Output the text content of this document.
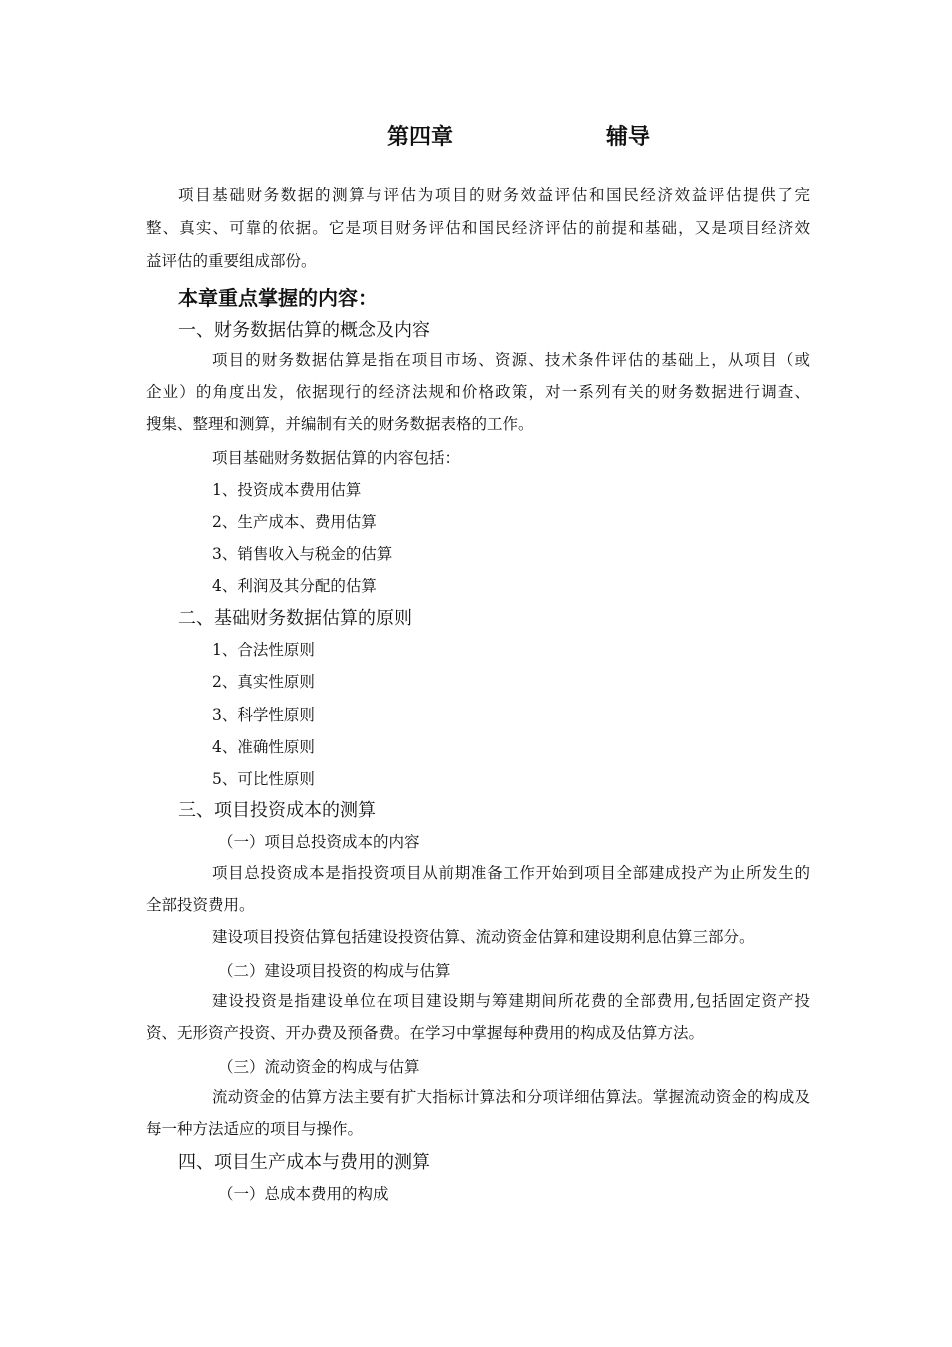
第四章	辅导
项目基础财务数据的测算与评估为项目的财务效益评估和国民经济效益评估提供了完
整、真实、可靠的依据。它是项目财务评估和国民经济评估的前提和基础，又是项目经济效
益评估的重要组成部份。
本章重点掌握的内容：
一、财务数据估算的概念及内容
项目的财务数据估算是指在项目市场、资源、技术条件评估的基础上，从项目（或
企业）的角度出发，依据现行的经济法规和价格政策，对一系列有关的财务数据进行调查、
搜集、整理和测算，并编制有关的财务数据表格的工作。
项目基础财务数据估算的内容包括：
1、投资成本费用估算
2、生产成本、费用估算
3、销售收入与税金的估算
4、利润及其分配的估算
二、基础财务数据估算的原则
1、合法性原则
2、真实性原则
3、科学性原则
4、准确性原则
5、可比性原则
三、项目投资成本的测算
（一）项目总投资成本的内容
项目总投资成本是指投资项目从前期准备工作开始到项目全部建成投产为止所发生的
全部投资费用。
建设项目投资估算包括建设投资估算、流动资金估算和建设期利息估算三部分。
（二）建设项目投资的构成与估算
建设投资是指建设单位在项目建设期与筹建期间所花费的全部费用,包括固定资产投
资、无形资产投资、开办费及预备费。在学习中掌握每种费用的构成及估算方法。
（三）流动资金的构成与估算
流动资金的估算方法主要有扩大指标计算法和分项详细估算法。掌握流动资金的构成及
每一种方法适应的项目与操作。
四、项目生产成本与费用的测算
（一）总成本费用的构成
